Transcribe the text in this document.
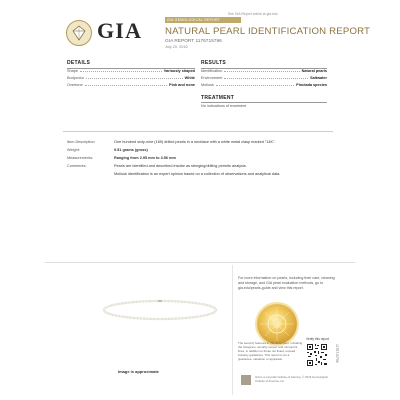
See GIA Report online at gia.edu
GIA	GIA GEMOLOGICAL REPORT
NATURAL PEARL IDENTIFICATION REPORT
GIA REPORT 1176715796
July 20, 2016
DETAILS
Shape	Variously shaped
Bodycolor	White
Overtone	Pink and none
RESULTS
Identification	Natural pearls
Environment	Saltwater
Mollusk	Pinctada species
TREATMENT
No indications of treatment
Item Description:	One hundred sixty-nine (169) drilled pearls in a necklace with a white metal clasp marked "14K".
Weight:	9.51 grams (gross)
Measurements:	Ranging from 2.95 mm to 3.56 mm
Comments:	Pearls are identified and described insofar as stringing/drilling permits analysis.
Mollusk identification is an expert opinion based on a collection of observations and analytical data.
Image is approximate
For more information on pearls, including their care, cleaning and storage, and GIA pearl evaluation methods, go to gia.edu/pearls-guide and view this report.
The security features in this document, including the hologram, security screen and microprint lines, in addition to those not listed, exceed industry guidelines. This report is not a guarantee, valuation or appraisal.
Verify this report
1176715796
GIA is a nonprofit institute of learning. © 2016 Gemological Institute of America, Inc.
